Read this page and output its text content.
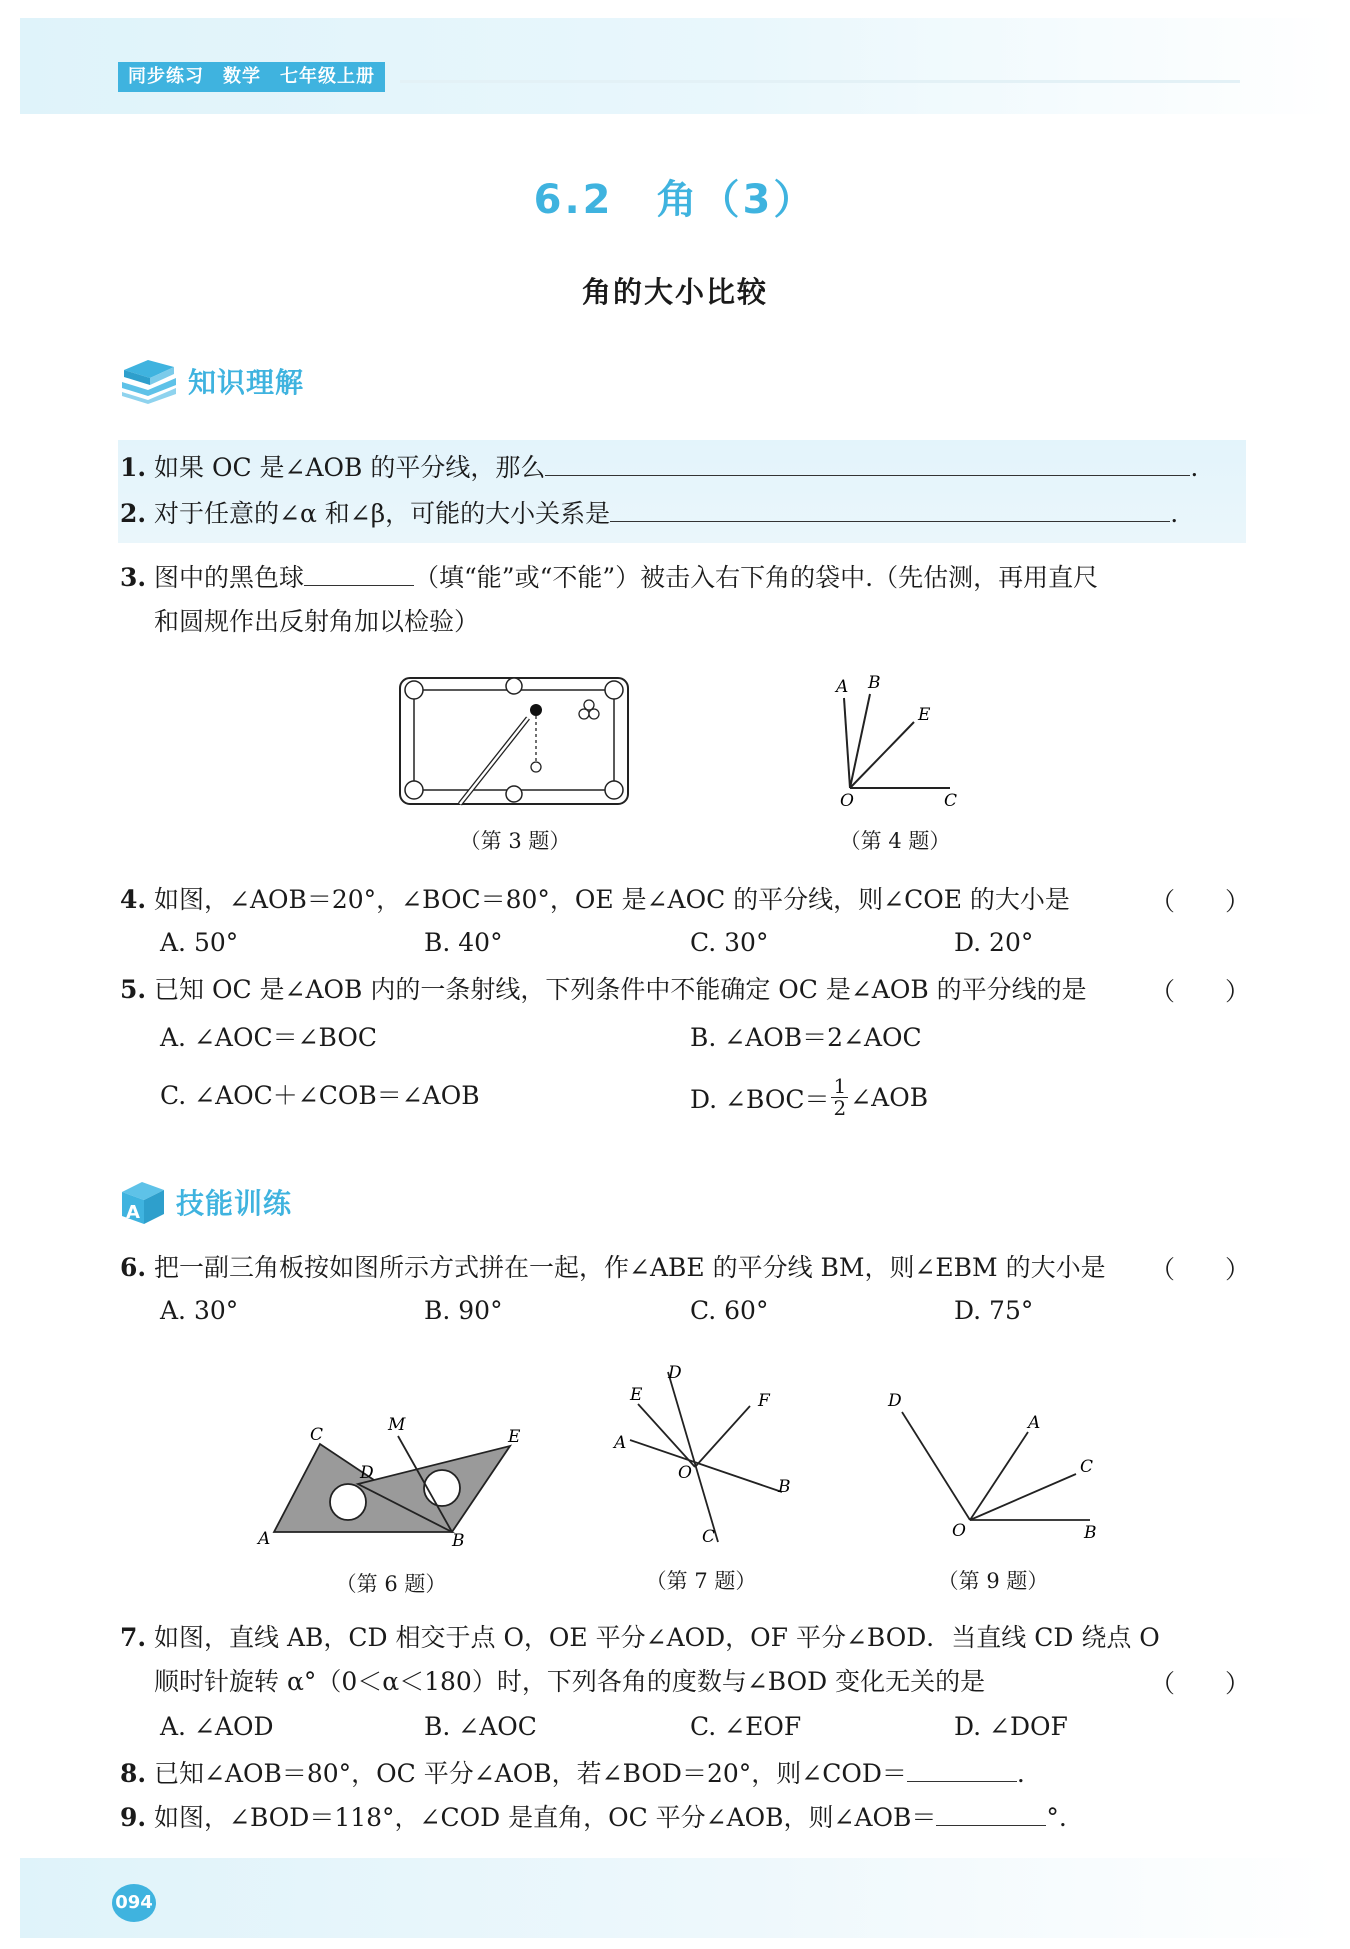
同步练习　数学　七年级上册
6.2　角（3）
角的大小比较
知识理解
1. 如果 OC 是∠AOB 的平分线，那么	.
2. 对于任意的∠α 和∠β，可能的大小关系是	.
3. 图中的黑色球	（填“能”或“不能”）被击入右下角的袋中.（先估测，再用直尺
和圆规作出反射角加以检验）
（第 3 题）
A B
E
O	C
（第 4 题）
4. 如图，∠AOB＝20°，∠BOC＝80°，OE 是∠AOC 的平分线，则∠COE 的大小是	（　　）
A. 50°	B. 40°	C. 30°	D. 20°
5. 已知 OC 是∠AOB 内的一条射线，下列条件中不能确定 OC 是∠AOB 的平分线的是	（　　）
A. ∠AOC＝∠BOC	B. ∠AOB＝2∠AOC
C. ∠AOC＋∠COB＝∠AOB	D. ∠BOC＝ 1
2 ∠AOB
A 技能训练
6. 把一副三角板按如图所示方式拼在一起，作∠ABE 的平分线 BM，则∠EBM 的大小是 （　　）
A. 30°	B. 90°	C. 60°	D. 75°
M
C
D
E
A	B
（第 6 题）
E
D
F
A
O
B
C
（第 7 题）
D
A
C
O	B
（第 9 题）
7. 如图，直线 AB，CD 相交于点 O，OE 平分∠AOD，OF 平分∠BOD．当直线 CD 绕点 O
顺时针旋转 α°（0＜α＜180）时，下列各角的度数与∠BOD 变化无关的是	（　　）
A. ∠AOD	B. ∠AOC	C. ∠EOF	D. ∠DOF
8. 已知∠AOB＝80°，OC 平分∠AOB，若∠BOD＝20°，则∠COD＝	.
9. 如图，∠BOD＝118°，∠COD 是直角，OC 平分∠AOB，则∠AOB＝	°.
094
